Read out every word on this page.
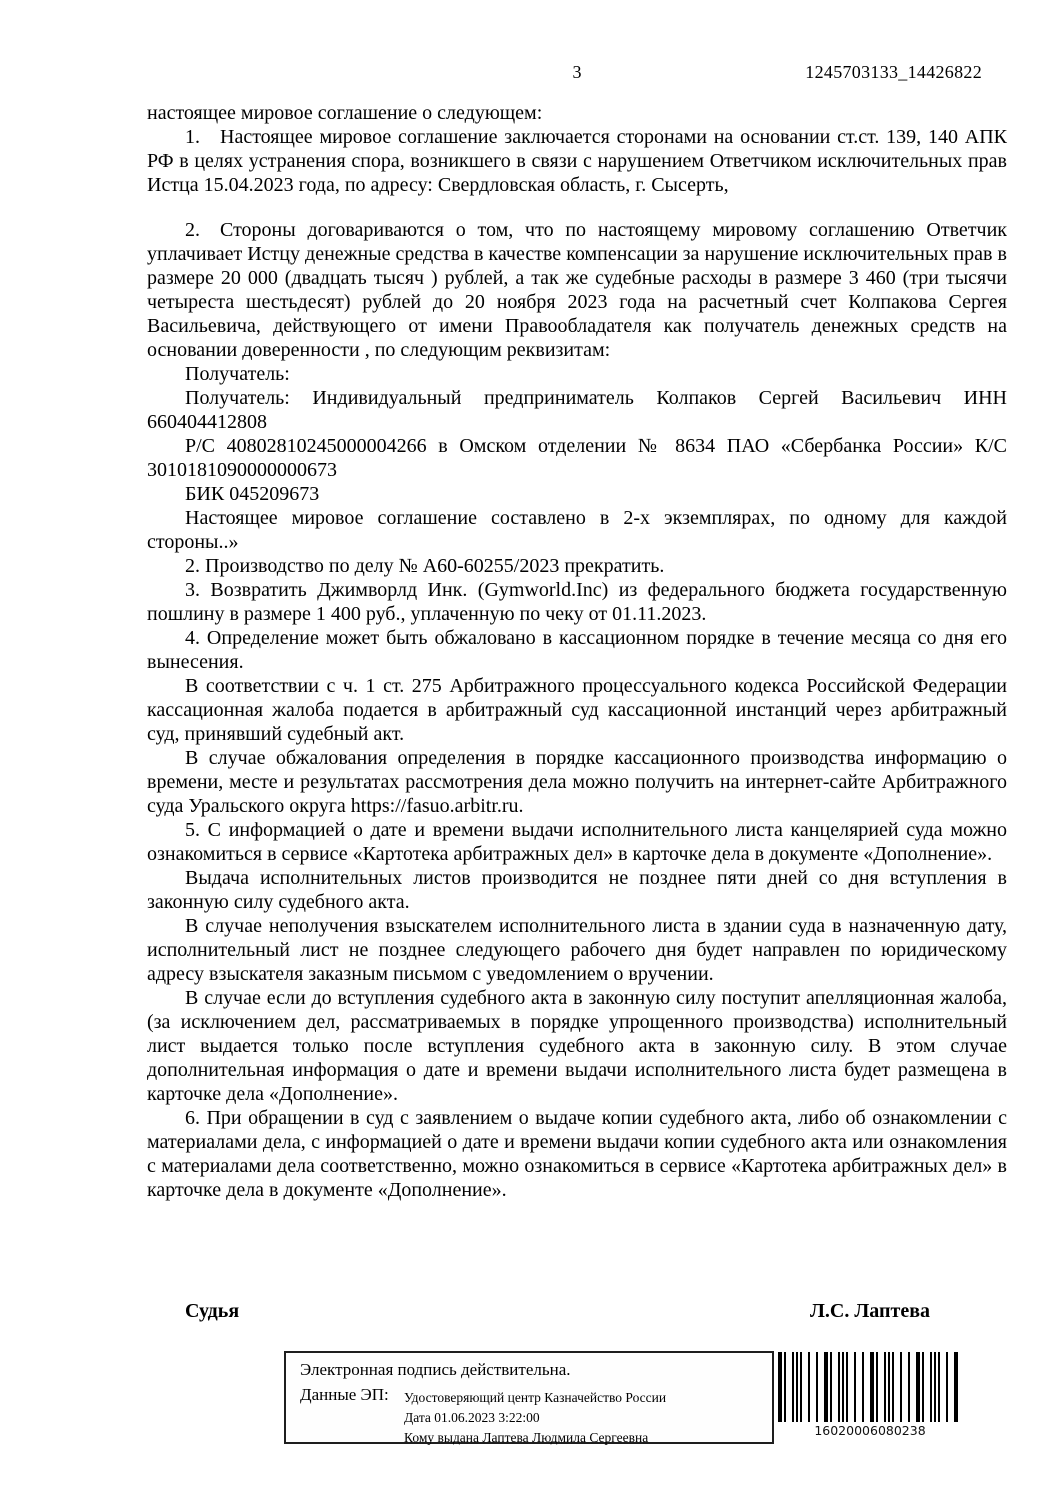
3	1245703133_14426822

настоящее мировое соглашение о следующем:

1. Настоящее мировое соглашение заключается сторонами на основании ст.ст. 139, 140 АПК РФ в целях устранения спора, возникшего в связи с нарушением Ответчиком исключительных прав Истца 15.04.2023 года, по адресу: Свердловская область, г. Сысерть,

2. Стороны договариваются о том, что по настоящему мировому соглашению Ответчик уплачивает Истцу денежные средства в качестве компенсации за нарушение исключительных прав в размере 20 000 (двадцать тысяч ) рублей, а так же судебные расходы в размере 3 460 (три тысячи четыреста шестьдесят) рублей до 20 ноября 2023 года на расчетный счет Колпакова Сергея Васильевича, действующего от имени Правообладателя как получатель денежных средств на основании доверенности , по следующим реквизитам:

Получатель:

Получатель: Индивидуальный предприниматель Колпаков Сергей Васильевич ИНН 660404412808

Р/С 40802810245000004266 в Омском отделении № 8634 ПАО «Сбербанка России» К/С 3010181090000000673

БИК 045209673

Настоящее мировое соглашение составлено в 2-х экземплярах, по одному для каждой стороны..»

2. Производство по делу № А60-60255/2023 прекратить.

3. Возвратить Джимворлд Инк. (Gymworld.Inc) из федерального бюджета государственную пошлину в размере 1 400 руб., уплаченную по чеку от 01.11.2023.

4. Определение может быть обжаловано в кассационном порядке в течение месяца со дня его вынесения.

В соответствии с ч. 1 ст. 275 Арбитражного процессуального кодекса Российской Федерации кассационная жалоба подается в арбитражный суд кассационной инстанций через арбитражный суд, принявший судебный акт.

В случае обжалования определения в порядке кассационного производства информацию о времени, месте и результатах рассмотрения дела можно получить на интернет-сайте Арбитражного суда Уральского округа https://fasuo.arbitr.ru.

5. С информацией о дате и времени выдачи исполнительного листа канцелярией суда можно ознакомиться в сервисе «Картотека арбитражных дел» в карточке дела в документе «Дополнение».

Выдача исполнительных листов производится не позднее пяти дней со дня вступления в законную силу судебного акта.

В случае неполучения взыскателем исполнительного листа в здании суда в назначенную дату, исполнительный лист не позднее следующего рабочего дня будет направлен по юридическому адресу взыскателя заказным письмом с уведомлением о вручении.

В случае если до вступления судебного акта в законную силу поступит апелляционная жалоба, (за исключением дел, рассматриваемых в порядке упрощенного производства) исполнительный лист выдается только после вступления судебного акта в законную силу. В этом случае дополнительная информация о дате и времени выдачи исполнительного листа будет размещена в карточке дела «Дополнение».

6. При обращении в суд с заявлением о выдаче копии судебного акта, либо об ознакомлении с материалами дела, с информацией о дате и времени выдачи копии судебного акта или ознакомления с материалами дела соответственно, можно ознакомиться в сервисе «Картотека арбитражных дел» в карточке дела в документе «Дополнение».

Судья	Л.С. Лаптева
Электронная подпись действительна.
Данные ЭП:	Удостоверяющий центр Казначейство России
Дата 01.06.2023 3:22:00
Кому выдана Лаптева Людмила Сергеевна	16020006080238
